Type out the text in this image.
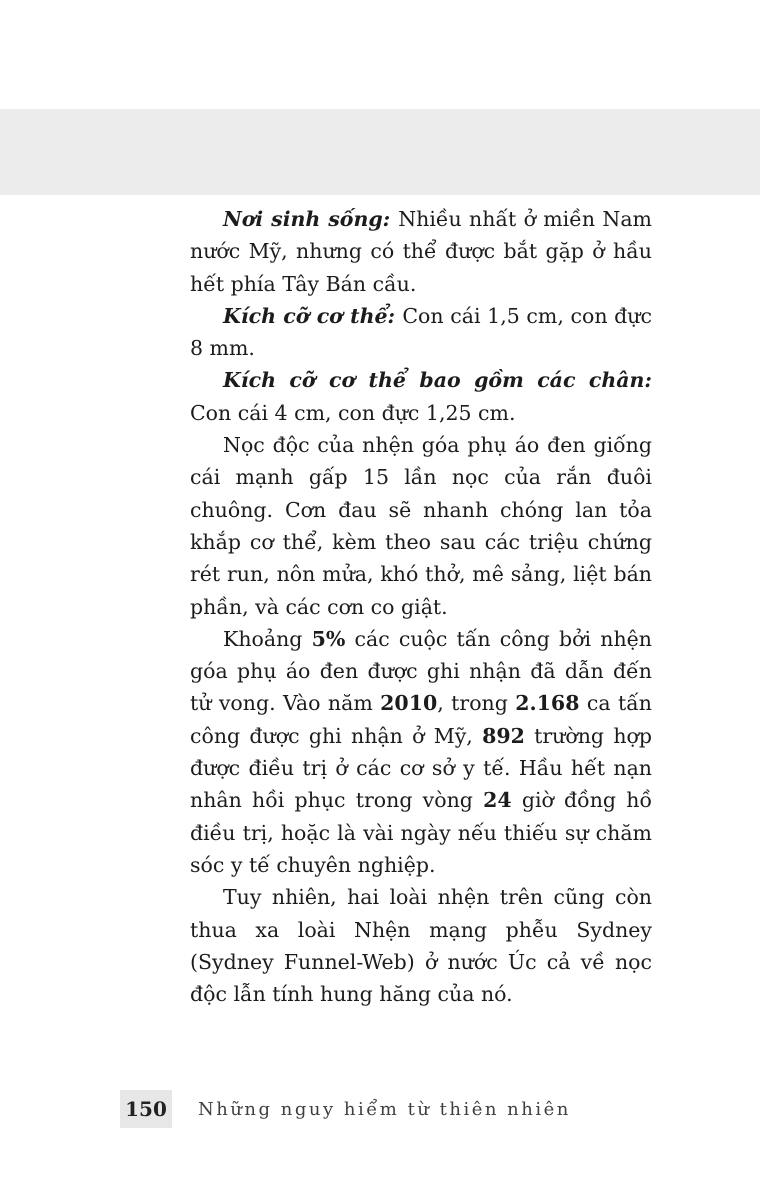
Nơi sinh sống: Nhiều nhất ở miền Nam nước Mỹ, nhưng có thể được bắt gặp ở hầu hết phía Tây Bán cầu.

Kích cỡ cơ thể: Con cái 1,5 cm, con đực 8 mm.

Kích cỡ cơ thể bao gồm các chân: Con cái 4 cm, con đực 1,25 cm.

Nọc độc của nhện góa phụ áo đen giống cái mạnh gấp 15 lần nọc của rắn đuôi chuông. Cơn đau sẽ nhanh chóng lan tỏa khắp cơ thể, kèm theo sau các triệu chứng rét run, nôn mửa, khó thở, mê sảng, liệt bán phần, và các cơn co giật.

Khoảng 5% các cuộc tấn công bởi nhện góa phụ áo đen được ghi nhận đã dẫn đến tử vong. Vào năm 2010, trong 2.168 ca tấn công được ghi nhận ở Mỹ, 892 trường hợp được điều trị ở các cơ sở y tế. Hầu hết nạn nhân hồi phục trong vòng 24 giờ đồng hồ điều trị, hoặc là vài ngày nếu thiếu sự chăm sóc y tế chuyên nghiệp.

Tuy nhiên, hai loài nhện trên cũng còn thua xa loài Nhện mạng phễu Sydney (Sydney Funnel-Web) ở nước Úc cả về nọc độc lẫn tính hung hăng của nó.

150 Những nguy hiểm từ thiên nhiên
